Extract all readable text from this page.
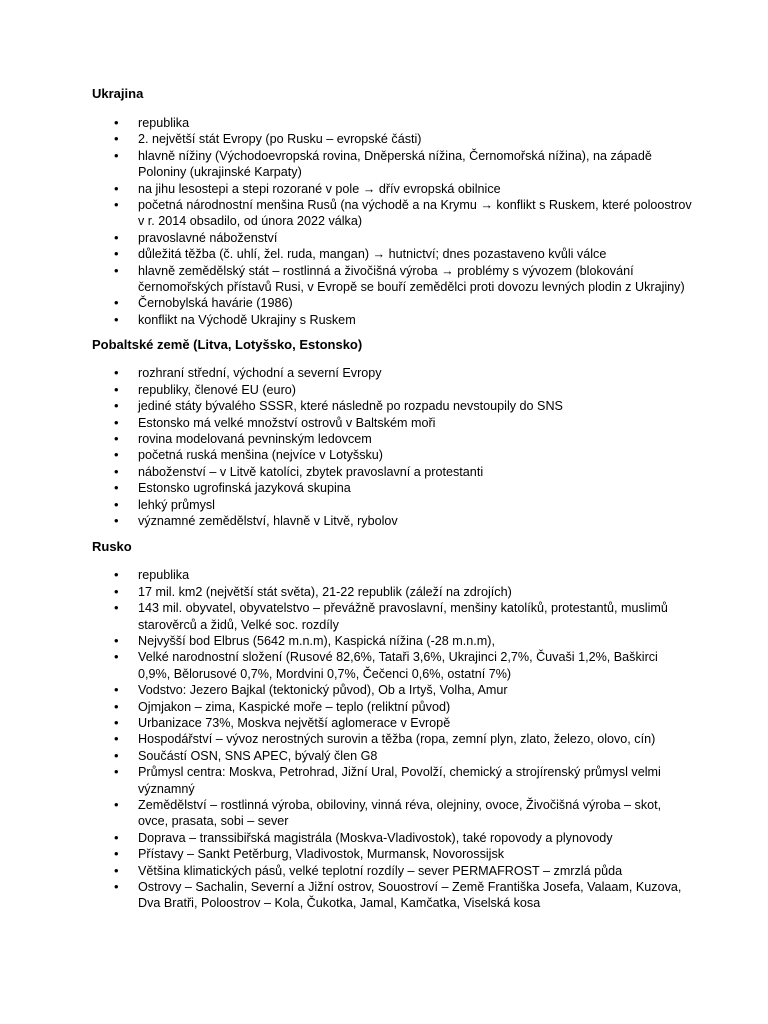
Ukrajina
• republika
• 2. největší stát Evropy (po Rusku – evropské části)
• hlavně nížiny (Východoevropská rovina, Dněperská nížina, Černomořská nížina), na západě Poloniny (ukrajinské Karpaty)
• na jihu lesostepi a stepi rozorané v pole → dřív evropská obilnice
• početná národnostní menšina Rusů (na východě a na Krymu → konflikt s Ruskem, které poloostrov v r. 2014 obsadilo, od února 2022 válka)
• pravoslavné náboženství
• důležitá těžba (č. uhlí, žel. ruda, mangan) → hutnictví; dnes pozastaveno kvůli válce
• hlavně zemědělský stát – rostlinná a živočišná výroba → problémy s vývozem (blokování černomořských přístavů Rusi, v Evropě se bouří zemědělci proti dovozu levných plodin z Ukrajiny)
• Černobylská havárie (1986)
• konflikt na Východě Ukrajiny s Ruskem
Pobaltské země (Litva, Lotyšsko, Estonsko)
• rozhraní střední, východní a severní Evropy
• republiky, členové EU (euro)
• jediné státy bývalého SSSR, které následně po rozpadu nevstoupily do SNS
• Estonsko má velké množství ostrovů v Baltském moři
• rovina modelovaná pevninským ledovcem
• početná ruská menšina (nejvíce v Lotyšsku)
• náboženství – v Litvě katolíci, zbytek pravoslavní a protestanti
• Estonsko ugrofinská jazyková skupina
• lehký průmysl
• významné zemědělství, hlavně v Litvě, rybolov
Rusko
• republika
• 17 mil. km2 (největší stát světa), 21-22 republik (záleží na zdrojích)
• 143 mil. obyvatel, obyvatelstvo – převážně pravoslavní, menšiny katolíků, protestantů, muslimů starověrců a židů, Velké soc. rozdíly
• Nejvyšší bod Elbrus (5642 m.n.m), Kaspická nížina (-28 m.n.m),
• Velké narodnostní složení (Rusové 82,6%, Tataři 3,6%, Ukrajinci 2,7%, Čuvaši 1,2%, Baškirci 0,9%, Bělorusové 0,7%, Mordvini 0,7%, Čečenci 0,6%, ostatní 7%)
• Vodstvo: Jezero Bajkal (tektonický původ), Ob a Irtyš, Volha, Amur
• Ojmjakon – zima, Kaspické moře – teplo (reliktní původ)
• Urbanizace 73%, Moskva největší aglomerace v Evropě
• Hospodářství – vývoz nerostných surovin a těžba (ropa, zemní plyn, zlato, železo, olovo, cín)
• Součástí OSN, SNS APEC, bývalý člen G8
• Průmysl centra: Moskva, Petrohrad, Jižní Ural, Povolží, chemický a strojírenský průmysl velmi významný
• Zemědělství – rostlinná výroba, obiloviny, vinná réva, olejniny, ovoce, Živočišná výroba – skot, ovce, prasata, sobi – sever
• Doprava – transsibiřská magistrála (Moskva-Vladivostok), také ropovody a plynovody
• Přístavy – Sankt Petěrburg, Vladivostok, Murmansk, Novorossijsk
• Většina klimatických pásů, velké teplotní rozdíly – sever PERMAFROST – zmrzlá půda
• Ostrovy – Sachalin, Severní a Jižní ostrov, Souostroví – Země Františka Josefa, Valaam, Kuzova, Dva Bratři, Poloostrov – Kola, Čukotka, Jamal, Kamčatka, Viselská kosa
